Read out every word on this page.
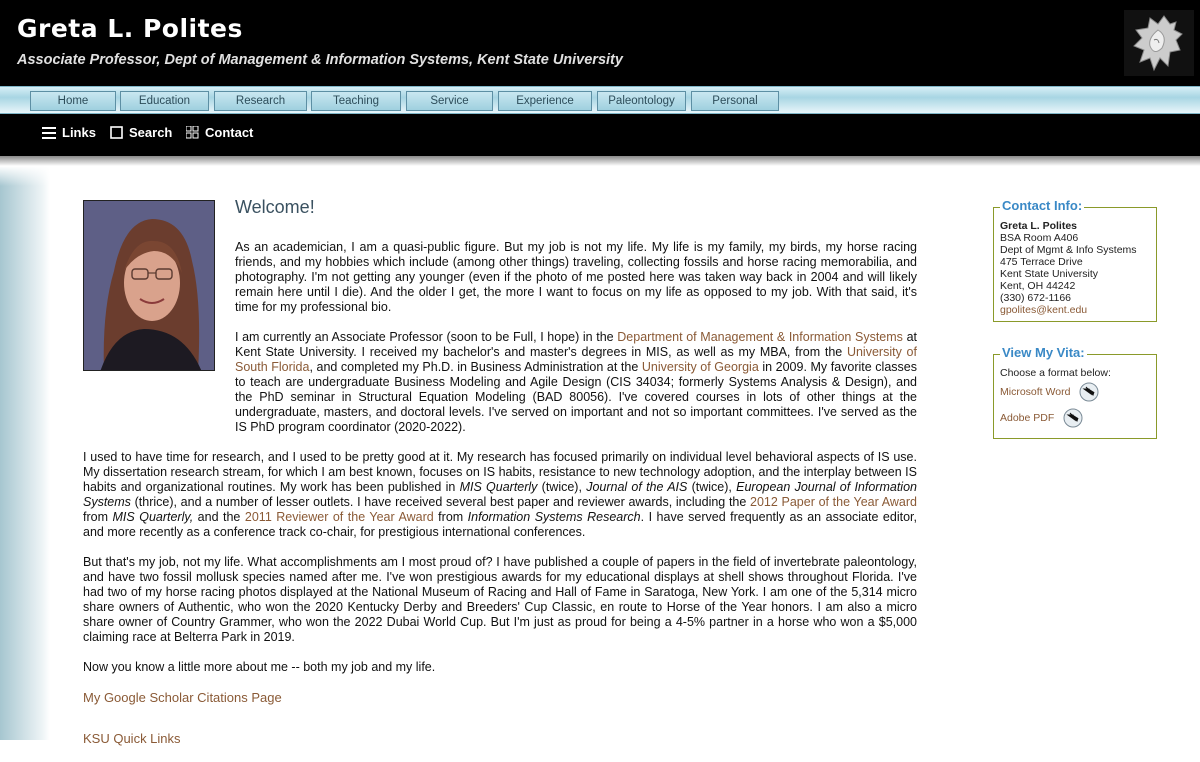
Greta L. Polites
Associate Professor, Dept of Management & Information Systems, Kent State University
Home	Education	Research	Teaching	Service	Experience	Paleontology	Personal
Links	Search	Contact
Welcome!

As an academician, I am a quasi-public figure. But my job is not my life. My life is my family, my birds, my horse racing friends, and my hobbies which include (among other things) traveling, collecting fossils and horse racing memorabilia, and photography. I'm not getting any younger (even if the photo of me posted here was taken way back in 2004 and will likely remain here until I die). And the older I get, the more I want to focus on my life as opposed to my job. With that said, it's time for my professional bio.

I am currently an Associate Professor (soon to be Full, I hope) in the Department of Management & Information Systems at Kent State University. I received my bachelor's and master's degrees in MIS, as well as my MBA, from the University of South Florida, and completed my Ph.D. in Business Administration at the University of Georgia in 2009. My favorite classes to teach are undergraduate Business Modeling and Agile Design (CIS 34034; formerly Systems Analysis & Design), and the PhD seminar in Structural Equation Modeling (BAD 80056). I've covered courses in lots of other things at the undergraduate, masters, and doctoral levels. I've served on important and not so important committees. I've served as the IS PhD program coordinator (2020-2022).

I used to have time for research, and I used to be pretty good at it. My research has focused primarily on individual level behavioral aspects of IS use. My dissertation research stream, for which I am best known, focuses on IS habits, resistance to new technology adoption, and the interplay between IS habits and organizational routines. My work has been published in MIS Quarterly (twice), Journal of the AIS (twice), European Journal of Information Systems (thrice), and a number of lesser outlets. I have received several best paper and reviewer awards, including the 2012 Paper of the Year Award from MIS Quarterly, and the 2011 Reviewer of the Year Award from Information Systems Research. I have served frequently as an associate editor, and more recently as a conference track co-chair, for prestigious international conferences.

But that's my job, not my life. What accomplishments am I most proud of? I have published a couple of papers in the field of invertebrate paleontology, and have two fossil mollusk species named after me. I've won prestigious awards for my educational displays at shell shows throughout Florida. I've had two of my horse racing photos displayed at the National Museum of Racing and Hall of Fame in Saratoga, New York. I am one of the 5,314 micro share owners of Authentic, who won the 2020 Kentucky Derby and Breeders' Cup Classic, en route to Horse of the Year honors. I am also a micro share owner of Country Grammer, who won the 2022 Dubai World Cup. But I'm just as proud for being a 4-5% partner in a horse who won a $5,000 claiming race at Belterra Park in 2019.

Now you know a little more about me -- both my job and my life.

My Google Scholar Citations Page

KSU Quick Links

Contact Info:
Greta L. Polites
BSA Room A406
Dept of Mgmt & Info Systems
475 Terrace Drive
Kent State University
Kent, OH 44242
(330) 672-1166
gpolites@kent.edu
View My Vita:
Choose a format below:
Microsoft Word
Adobe PDF
